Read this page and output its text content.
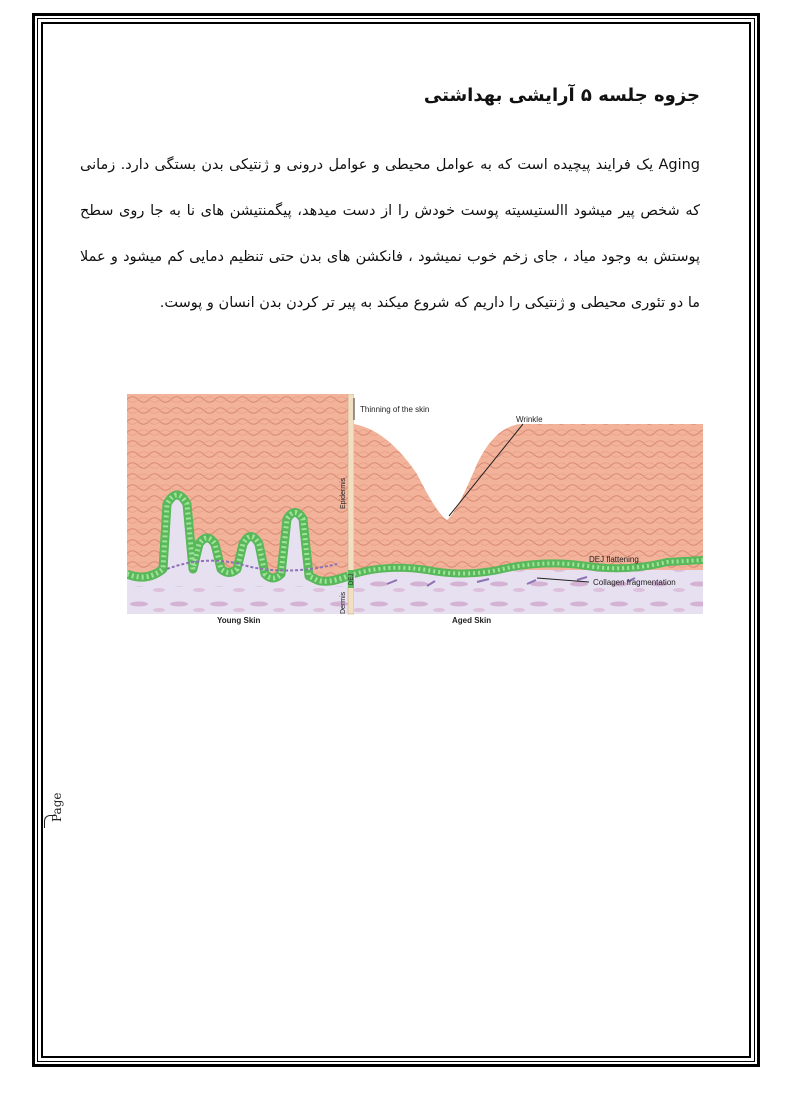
جزوه جلسه ۵ آرایشی بهداشتی

Aging یک فرایند پیچیده است که به عوامل محیطی و عوامل درونی و ژنتیکی بدن بستگی دارد. زمانی که شخص پیر میشود االستیسیته پوست خودش را از دست میدهد، پیگمنتیشن های نا به جا روی سطح پوستش به وجود میاد ، جای زخم خوب نمیشود ، فانکشن های بدن حتی تنظیم دمایی کم میشود و عملا ما دو تئوری محیطی و ژنتیکی را داریم که شروع میکند به پیر تر کردن بدن انسان و پوست.

Thinning of the skin
Wrinkle
DEJ flattening
Collagen fragmentation
Epidermis
Dermis
DEJ
Young Skin	Aged Skin
Page
